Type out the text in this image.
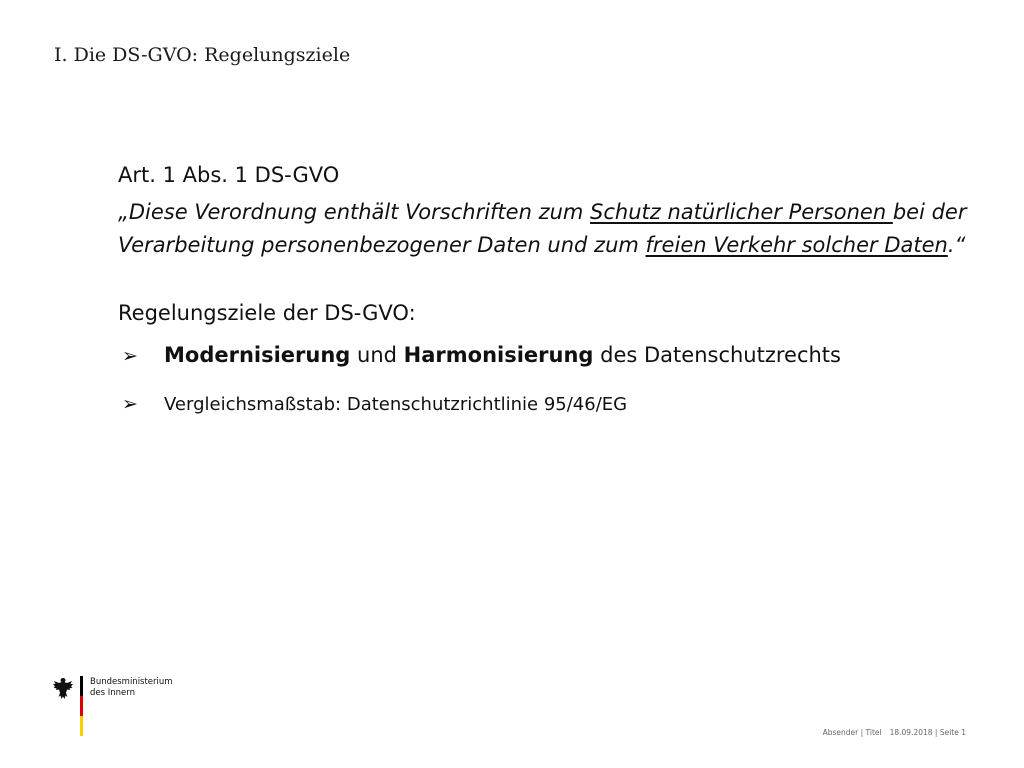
I. Die DS-GVO: Regelungsziele
Art. 1 Abs. 1 DS-GVO
„Diese Verordnung enthält Vorschriften zum Schutz natürlicher Personen bei der Verarbeitung personenbezogener Daten und zum freien Verkehr solcher Daten.“
Regelungsziele der DS-GVO:
➢	Modernisierung und Harmonisierung des Datenschutzrechts
➢	Vergleichsmaßstab: Datenschutzrichtlinie 95/46/EG
Bundesministerium
des Innern
Absender | Titel 18.09.2018 | Seite 1
